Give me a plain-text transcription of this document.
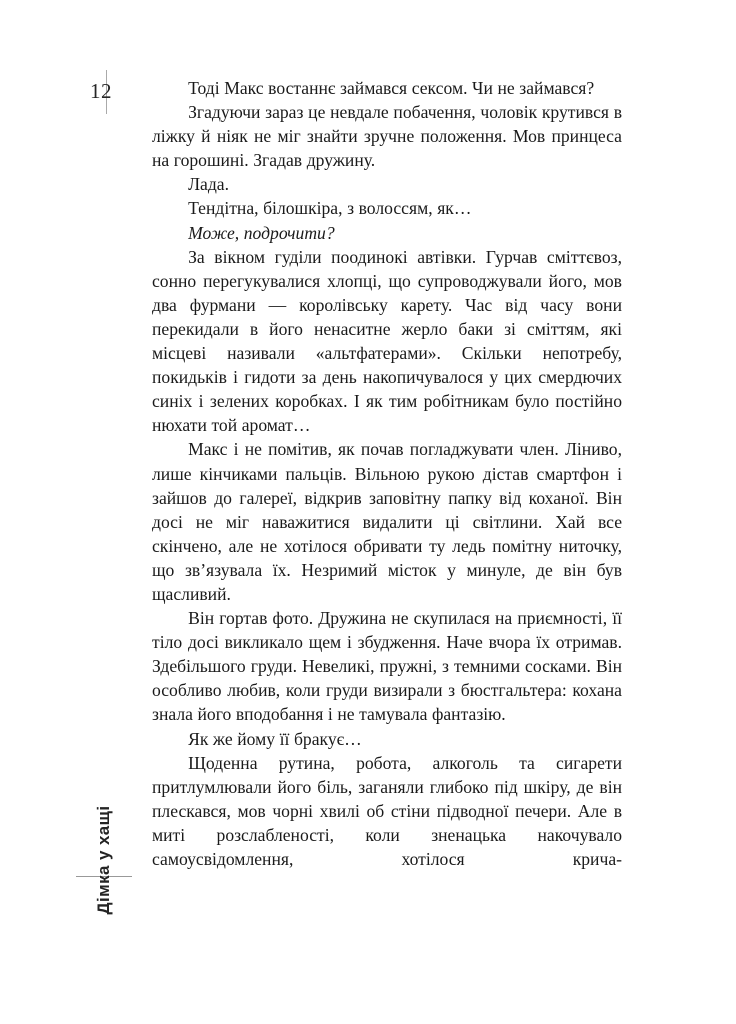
12
Дімка у хащі

Тоді Макс востаннє займався сексом. Чи не займався?

Згадуючи зараз це невдале побачення, чоловік крутився в ліжку й ніяк не міг знайти зручне положення. Мов принцеса на горошині. Згадав дружину.

Лада.

Тендітна, білошкіра, з волоссям, як…

Може, подрочити?

За вікном гуділи поодинокі автівки. Гурчав сміттєвоз, сонно перегукувалися хлопці, що супроводжували його, мов два фурмани — королівську карету. Час від часу вони перекидали в його ненаситне жерло баки зі сміттям, які місцеві називали «альтфатерами». Скільки непотребу, покидьків і гидоти за день накопичувалося у цих смердючих синіх і зелених коробках. І як тим робітникам було постійно нюхати той аромат…

Макс і не помітив, як почав погладжувати член. Ліниво, лише кінчиками пальців. Вільною рукою дістав смартфон і зайшов до галереї, відкрив заповітну папку від коханої. Він досі не міг наважитися видалити ці світлини. Хай все скінчено, але не хотілося обривати ту ледь помітну ниточку, що зв’язувала їх. Незримий місток у минуле, де він був щасливий.

Він гортав фото. Дружина не скупилася на приємності, її тіло досі викликало щем і збудження. Наче вчора їх отримав. Здебільшого груди. Невеликі, пружні, з темними сосками. Він особливо любив, коли груди визирали з бюстгальтера: кохана знала його вподобання і не тамувала фантазію.

Як же йому її бракує…

Щоденна рутина, робота, алкоголь та сигарети притлумлювали його біль, заганяли глибоко під шкіру, де він плескався, мов чорні хвилі об стіни підводної печери. Але в миті розслабленості, коли зненацька накочувало самоусвідомлення, хотілося крича-
